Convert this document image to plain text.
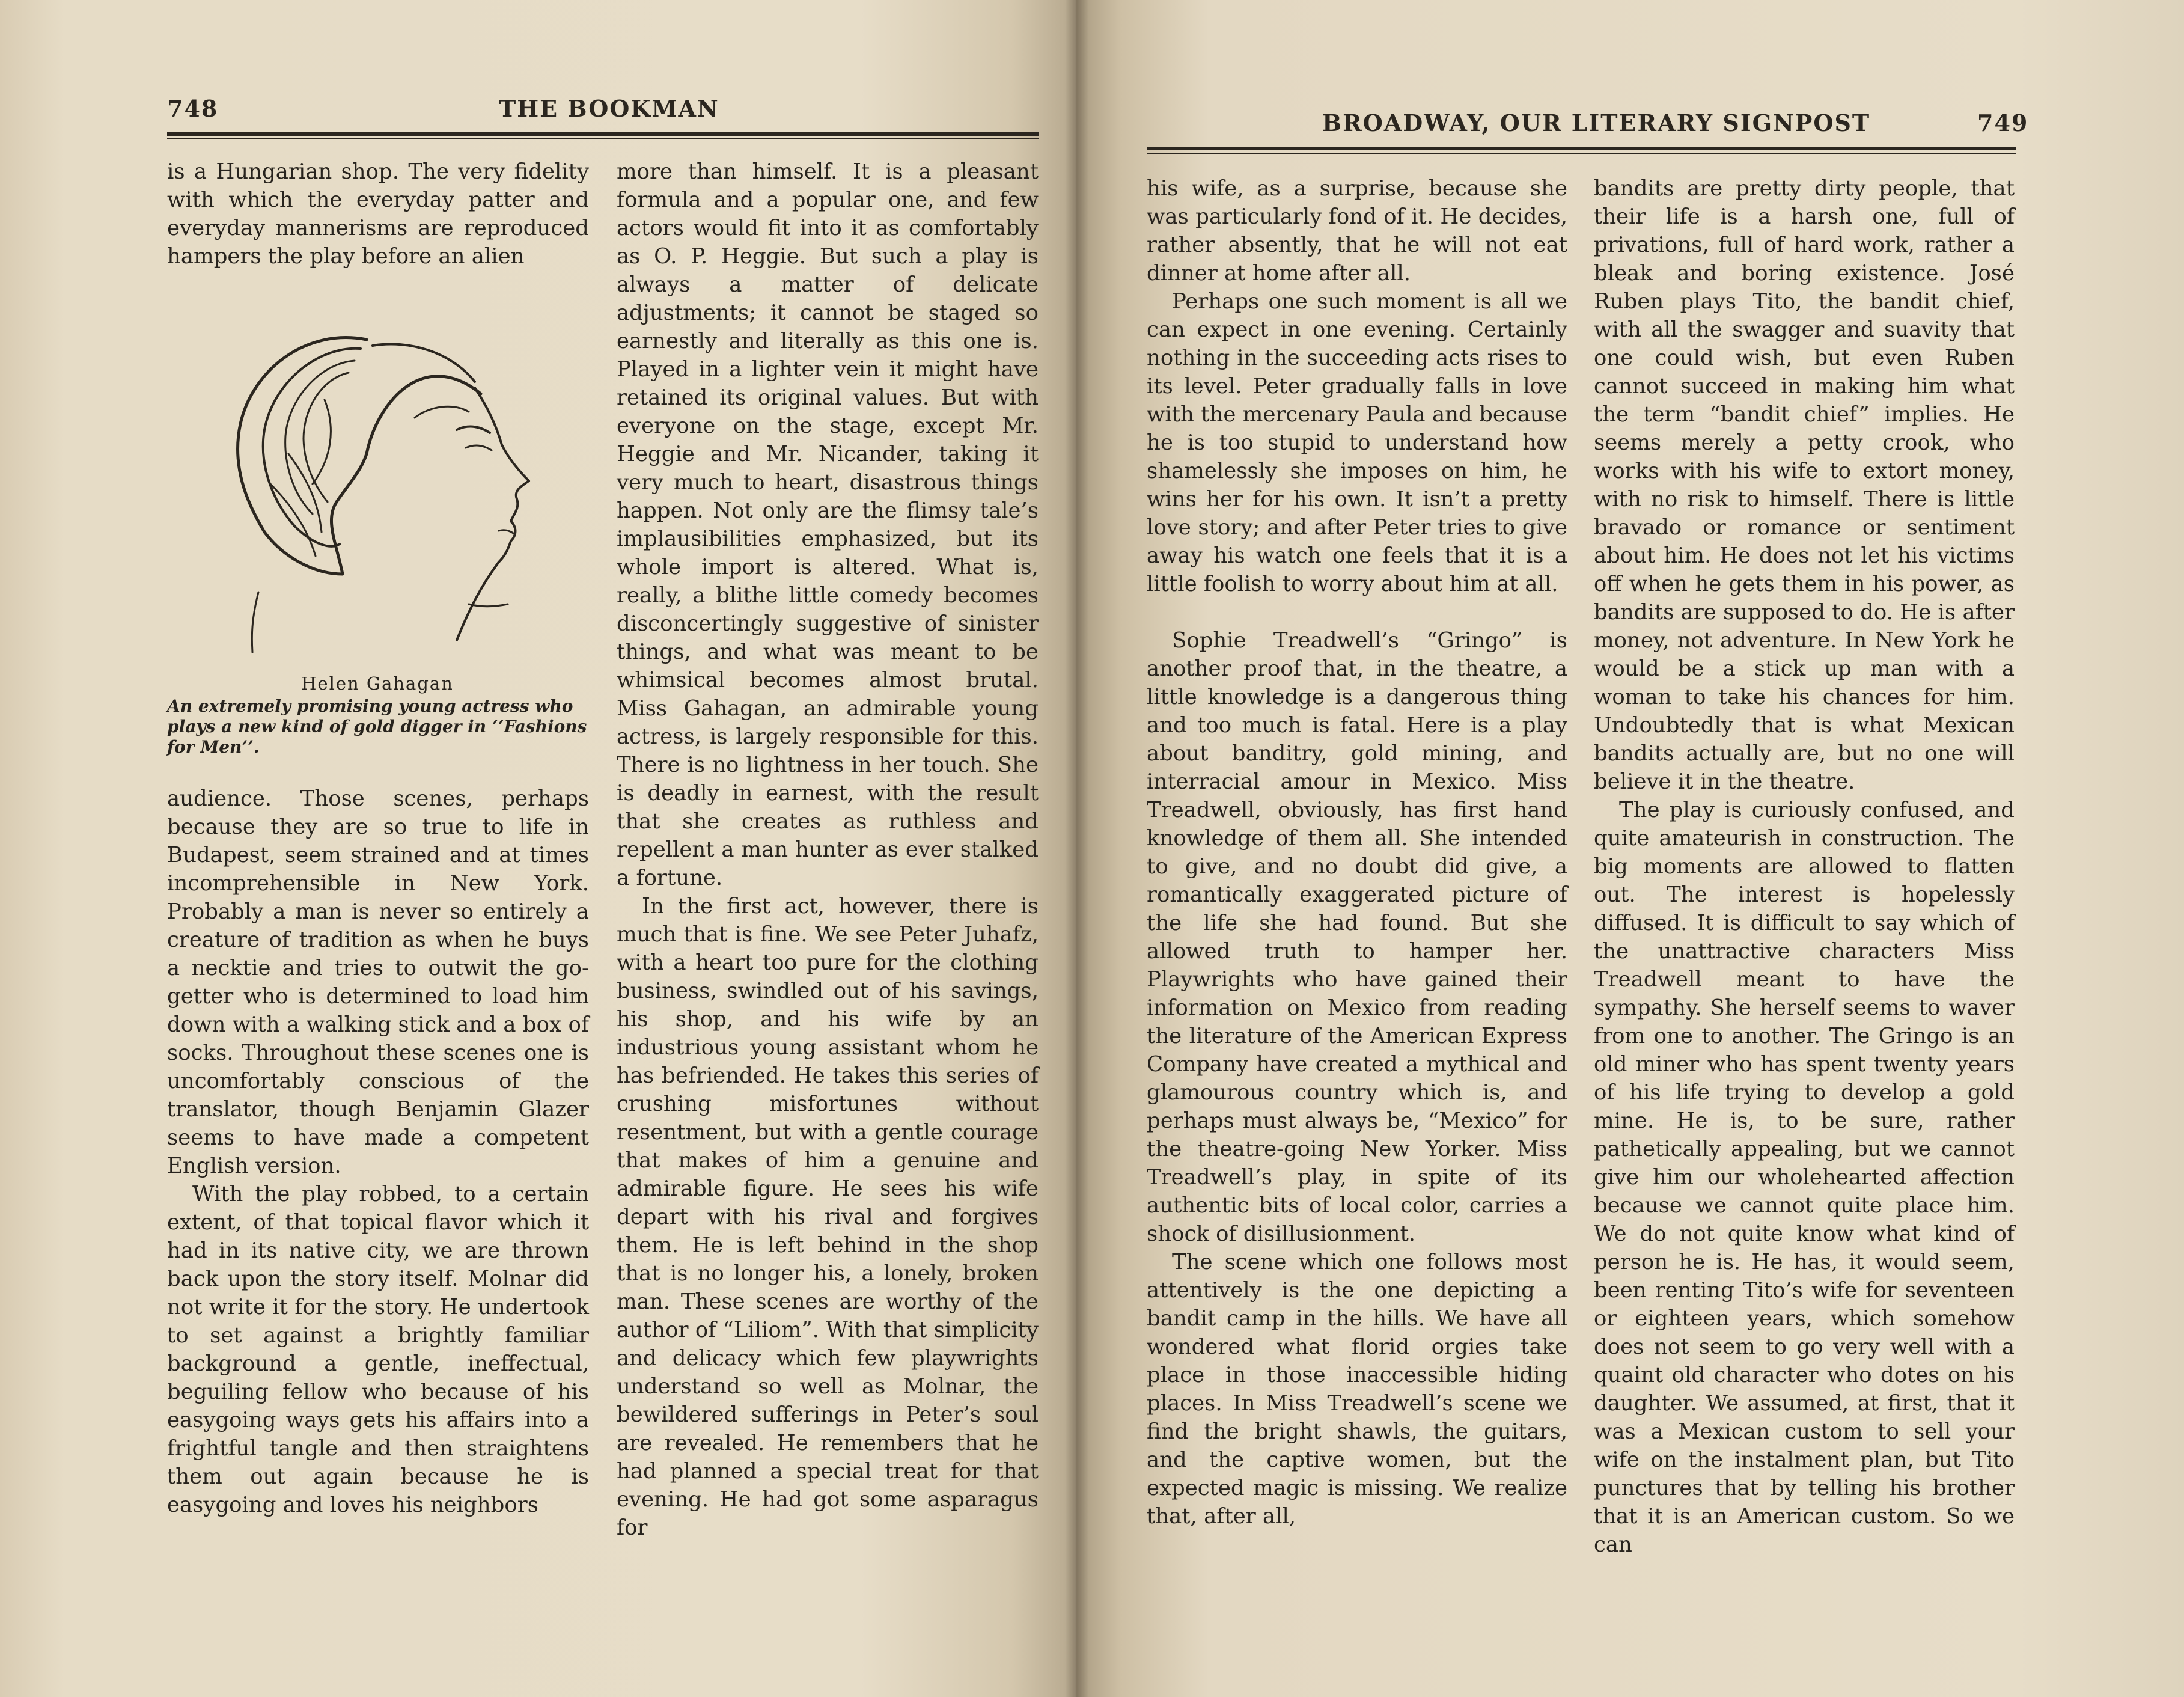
748	THE BOOKMAN

is a Hungarian shop. The very fidelity with which the everyday patter and everyday mannerisms are reproduced hampers the play before an alien

Helen Gahagan
An extremely promising young actress who plays a new kind of gold digger in ‘‘Fashions for Men’’.

audience. Those scenes, perhaps because they are so true to life in Budapest, seem strained and at times incomprehensible in New York. Probably a man is never so entirely a creature of tradition as when he buys a necktie and tries to outwit the go-getter who is determined to load him down with a walking stick and a box of socks. Throughout these scenes one is uncomfortably conscious of the translator, though Benjamin Glazer seems to have made a competent English version.

With the play robbed, to a certain extent, of that topical flavor which it had in its native city, we are thrown back upon the story itself. Molnar did not write it for the story. He undertook to set against a brightly familiar background a gentle, ineffectual, beguiling fellow who because of his easygoing ways gets his affairs into a frightful tangle and then straightens them out again because he is easygoing and loves his neighbors

more than himself. It is a pleasant formula and a popular one, and few actors would fit into it as comfortably as O. P. Heggie. But such a play is always a matter of delicate adjustments; it cannot be staged so earnestly and literally as this one is. Played in a lighter vein it might have retained its original values. But with everyone on the stage, except Mr. Heggie and Mr. Nicander, taking it very much to heart, disastrous things happen. Not only are the flimsy tale’s implausibilities emphasized, but its whole import is altered. What is, really, a blithe little comedy becomes disconcertingly suggestive of sinister things, and what was meant to be whimsical becomes almost brutal. Miss Gahagan, an admirable young actress, is largely responsible for this. There is no lightness in her touch. She is deadly in earnest, with the result that she creates as ruthless and repellent a man hunter as ever stalked a fortune.

In the first act, however, there is much that is fine. We see Peter Juhafz, with a heart too pure for the clothing business, swindled out of his savings, his shop, and his wife by an industrious young assistant whom he has befriended. He takes this series of crushing misfortunes without resentment, but with a gentle courage that makes of him a genuine and admirable figure. He sees his wife depart with his rival and forgives them. He is left behind in the shop that is no longer his, a lonely, broken man. These scenes are worthy of the author of “Liliom”. With that simplicity and delicacy which few playwrights understand so well as Molnar, the bewildered sufferings in Peter’s soul are revealed. He remembers that he had planned a special treat for that evening. He had got some asparagus for

BROADWAY, OUR LITERARY SIGNPOST	749

his wife, as a surprise, because she was particularly fond of it. He decides, rather absently, that he will not eat dinner at home after all.

Perhaps one such moment is all we can expect in one evening. Certainly nothing in the succeeding acts rises to its level. Peter gradually falls in love with the mercenary Paula and because he is too stupid to understand how shamelessly she imposes on him, he wins her for his own. It isn’t a pretty love story; and after Peter tries to give away his watch one feels that it is a little foolish to worry about him at all.

Sophie Treadwell’s “Gringo” is another proof that, in the theatre, a little knowledge is a dangerous thing and too much is fatal. Here is a play about banditry, gold mining, and interracial amour in Mexico. Miss Treadwell, obviously, has first hand knowledge of them all. She intended to give, and no doubt did give, a romantically exaggerated picture of the life she had found. But she allowed truth to hamper her. Playwrights who have gained their information on Mexico from reading the literature of the American Express Company have created a mythical and glamourous country which is, and perhaps must always be, “Mexico” for the theatre-going New Yorker. Miss Treadwell’s play, in spite of its authentic bits of local color, carries a shock of disillusionment.

The scene which one follows most attentively is the one depicting a bandit camp in the hills. We have all wondered what florid orgies take place in those inaccessible hiding places. In Miss Treadwell’s scene we find the bright shawls, the guitars, and the captive women, but the expected magic is missing. We realize that, after all,

bandits are pretty dirty people, that their life is a harsh one, full of privations, full of hard work, rather a bleak and boring existence. José Ruben plays Tito, the bandit chief, with all the swagger and suavity that one could wish, but even Ruben cannot succeed in making him what the term “bandit chief” implies. He seems merely a petty crook, who works with his wife to extort money, with no risk to himself. There is little bravado or romance or sentiment about him. He does not let his victims off when he gets them in his power, as bandits are supposed to do. He is after money, not adventure. In New York he would be a stick up man with a woman to take his chances for him. Undoubtedly that is what Mexican bandits actually are, but no one will believe it in the theatre.

The play is curiously confused, and quite amateurish in construction. The big moments are allowed to flatten out. The interest is hopelessly diffused. It is difficult to say which of the unattractive characters Miss Treadwell meant to have the sympathy. She herself seems to waver from one to another. The Gringo is an old miner who has spent twenty years of his life trying to develop a gold mine. He is, to be sure, rather pathetically appealing, but we cannot give him our wholehearted affection because we cannot quite place him. We do not quite know what kind of person he is. He has, it would seem, been renting Tito’s wife for seventeen or eighteen years, which somehow does not seem to go very well with a quaint old character who dotes on his daughter. We assumed, at first, that it was a Mexican custom to sell your wife on the instalment plan, but Tito punctures that by telling his brother that it is an American custom. So we can
